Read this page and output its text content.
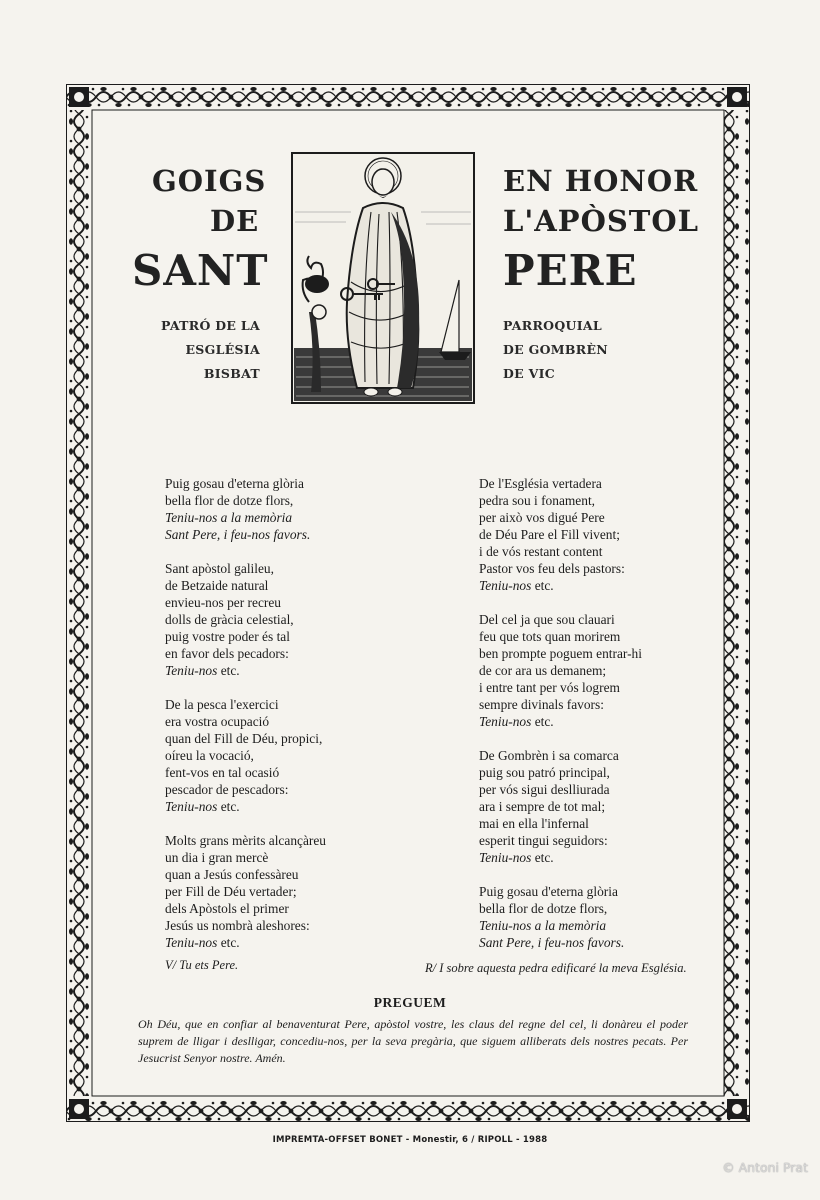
GOIGS
DE
SANT
EN HONOR
L'APÒSTOL
PERE
PATRÓ DE LA
ESGLÉSIA
BISBAT
PARROQUIAL
DE GOMBRÈN
DE VIC
Puig gosau d'eterna glòria
bella flor de dotze flors,
Teniu-nos a la memòria
Sant Pere, i feu-nos favors.
Sant apòstol galileu,
de Betzaide natural
envieu-nos per recreu
dolls de gràcia celestial,
puig vostre poder és tal
en favor dels pecadors:
Teniu-nos etc.
De la pesca l'exercici
era vostra ocupació
quan del Fill de Déu, propici,
oíreu la vocació,
fent-vos en tal ocasió
pescador de pescadors:
Teniu-nos etc.
Molts grans mèrits alcançàreu
un dia i gran mercè
quan a Jesús confessàreu
per Fill de Déu vertader;
dels Apòstols el primer
Jesús us nombrà aleshores:
Teniu-nos etc.
De l'Església vertadera
pedra sou i fonament,
per això vos digué Pere
de Déu Pare el Fill vivent;
i de vós restant content
Pastor vos feu dels pastors:
Teniu-nos etc.
Del cel ja que sou clauari
feu que tots quan morirem
ben prompte poguem entrar-hi
de cor ara us demanem;
i entre tant per vós logrem
sempre divinals favors:
Teniu-nos etc.
De Gombrèn i sa comarca
puig sou patró principal,
per vós sigui deslliurada
ara i sempre de tot mal;
mai en ella l'infernal
esperit tingui seguidors:
Teniu-nos etc.
Puig gosau d'eterna glòria
bella flor de dotze flors,
Teniu-nos a la memòria
Sant Pere, i feu-nos favors.
V/ Tu ets Pere.	R/ I sobre aquesta pedra edificaré la meva Església.
PREGUEM
Oh Déu, que en confiar al benaventurat Pere, apòstol vostre, les claus del regne del cel, li donàreu el poder suprem de lligar i deslligar, concediu-nos, per la seva pregària, que siguem alliberats dels nostres pecats. Per Jesucrist Senyor nostre. Amén.
IMPREMTA-OFFSET BONET - Monestir, 6 / RIPOLL - 1988
© Antoni Prat
